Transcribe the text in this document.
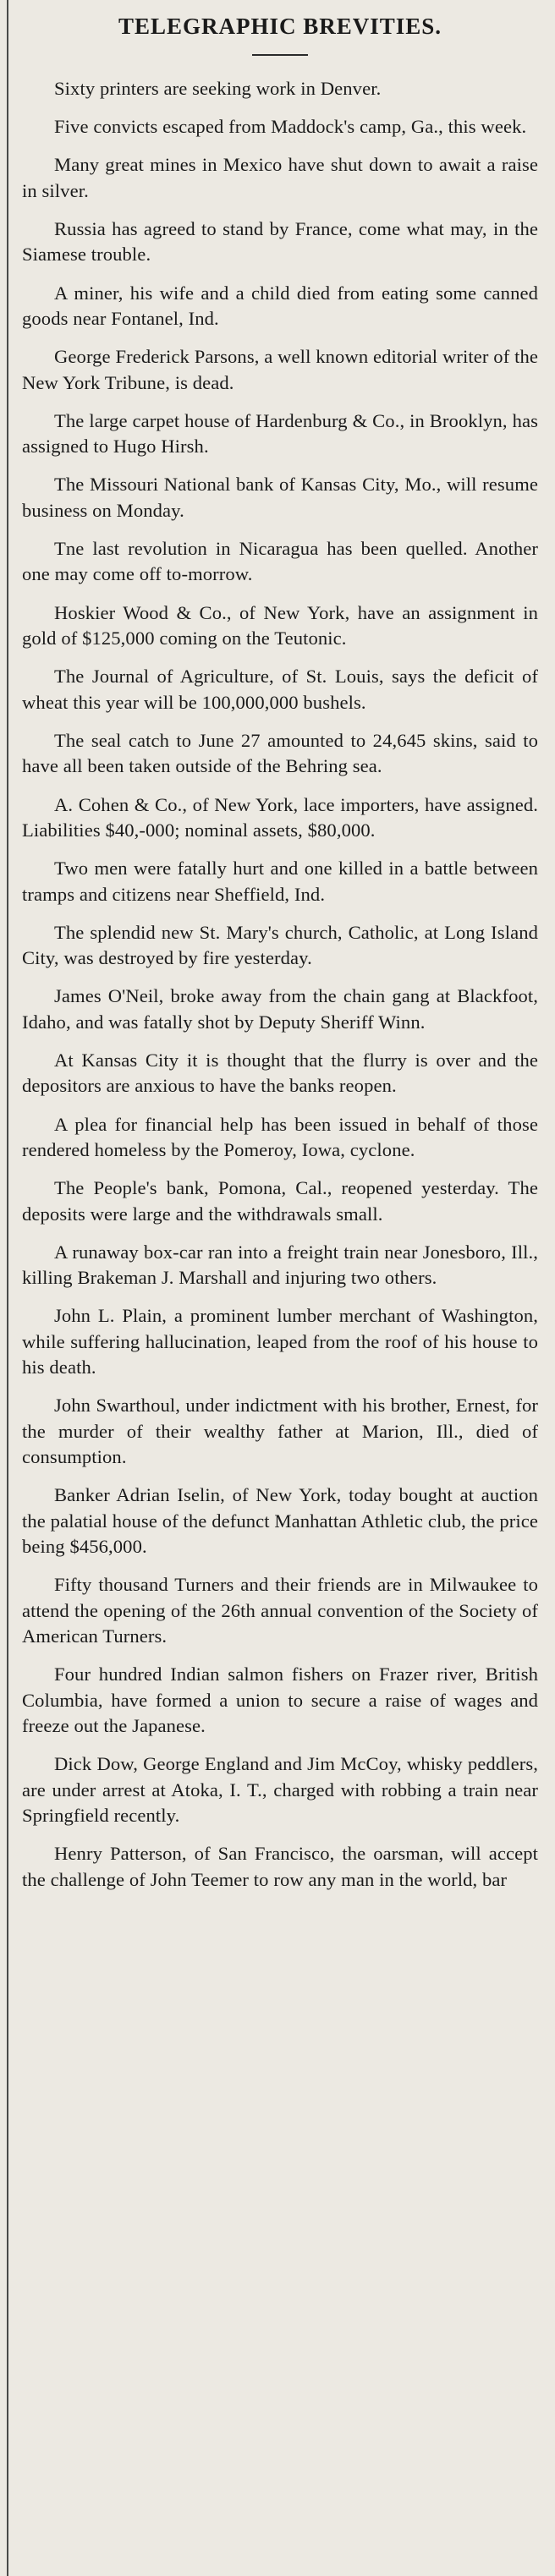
TELEGRAPHIC BREVITIES.

Sixty printers are seeking work in Denver.

Five convicts escaped from Maddock's camp, Ga., this week.

Many great mines in Mexico have shut down to await a raise in silver.

Russia has agreed to stand by France, come what may, in the Siamese trouble.

A miner, his wife and a child died from eating some canned goods near Fontanel, Ind.

George Frederick Parsons, a well known editorial writer of the New York Tribune, is dead.

The large carpet house of Hardenburg & Co., in Brooklyn, has assigned to Hugo Hirsh.

The Missouri National bank of Kansas City, Mo., will resume business on Monday.

Tne last revolution in Nicaragua has been quelled. Another one may come off to-morrow.

Hoskier Wood & Co., of New York, have an assignment in gold of $125,000 coming on the Teutonic.

The Journal of Agriculture, of St. Louis, says the deficit of wheat this year will be 100,000,000 bushels.

The seal catch to June 27 amounted to 24,645 skins, said to have all been taken outside of the Behring sea.

A. Cohen & Co., of New York, lace importers, have assigned. Liabilities $40,-000; nominal assets, $80,000.

Two men were fatally hurt and one killed in a battle between tramps and citizens near Sheffield, Ind.

The splendid new St. Mary's church, Catholic, at Long Island City, was destroyed by fire yesterday.

James O'Neil, broke away from the chain gang at Blackfoot, Idaho, and was fatally shot by Deputy Sheriff Winn.

At Kansas City it is thought that the flurry is over and the depositors are anxious to have the banks reopen.

A plea for financial help has been issued in behalf of those rendered homeless by the Pomeroy, Iowa, cyclone.

The People's bank, Pomona, Cal., reopened yesterday. The deposits were large and the withdrawals small.

A runaway box-car ran into a freight train near Jonesboro, Ill., killing Brakeman J. Marshall and injuring two others.

John L. Plain, a prominent lumber merchant of Washington, while suffering hallucination, leaped from the roof of his house to his death.

John Swarthoul, under indictment with his brother, Ernest, for the murder of their wealthy father at Marion, Ill., died of consumption.

Banker Adrian Iselin, of New York, today bought at auction the palatial house of the defunct Manhattan Athletic club, the price being $456,000.

Fifty thousand Turners and their friends are in Milwaukee to attend the opening of the 26th annual convention of the Society of American Turners.

Four hundred Indian salmon fishers on Frazer river, British Columbia, have formed a union to secure a raise of wages and freeze out the Japanese.

Dick Dow, George England and Jim McCoy, whisky peddlers, are under arrest at Atoka, I. T., charged with robbing a train near Springfield recently.

Henry Patterson, of San Francisco, the oarsman, will accept the challenge of John Teemer to row any man in the world, bar
